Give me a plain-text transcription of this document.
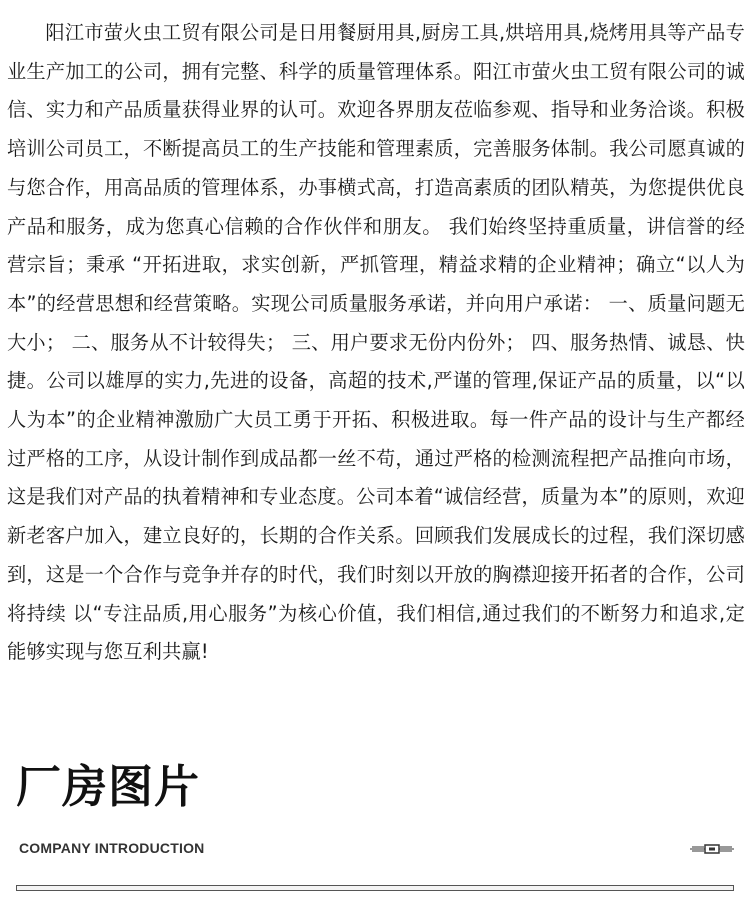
阳江市萤火虫工贸有限公司是日用餐厨用具,厨房工具,烘培用具,烧烤用具等产品专业生产加工的公司，拥有完整、科学的质量管理体系。阳江市萤火虫工贸有限公司的诚信、实力和产品质量获得业界的认可。欢迎各界朋友莅临参观、指导和业务洽谈。积极培训公司员工，不断提高员工的生产技能和管理素质，完善服务体制。我公司愿真诚的与您合作，用高品质的管理体系，办事横式高，打造高素质的团队精英，为您提供优良产品和服务，成为您真心信赖的合作伙伴和朋友。 我们始终坚持重质量，讲信誉的经营宗旨；秉承 “开拓进取，求实创新，严抓管理，精益求精的企业精神；确立“以人为本”的经营思想和经营策略。实现公司质量服务承诺，并向用户承诺： 一、质量问题无大小； 二、服务从不计较得失； 三、用户要求无份内份外； 四、服务热情、诚恳、快捷。公司以雄厚的实力,先进的设备，高超的技术,严谨的管理,保证产品的质量，以“以人为本”的企业精神激励广大员工勇于开拓、积极进取。每一件产品的设计与生产都经过严格的工序，从设计制作到成品都一丝不苟，通过严格的检测流程把产品推向市场，这是我们对产品的执着精神和专业态度。公司本着“诚信经营，质量为本”的原则，欢迎新老客户加入，建立良好的，长期的合作关系。回顾我们发展成长的过程，我们深切感到，这是一个合作与竞争并存的时代，我们时刻以开放的胸襟迎接开拓者的合作，公司将持续 以“专注品质,用心服务”为核心价值，我们相信,通过我们的不断努力和追求,定能够实现与您互利共赢!

厂房图片
COMPANY INTRODUCTION
